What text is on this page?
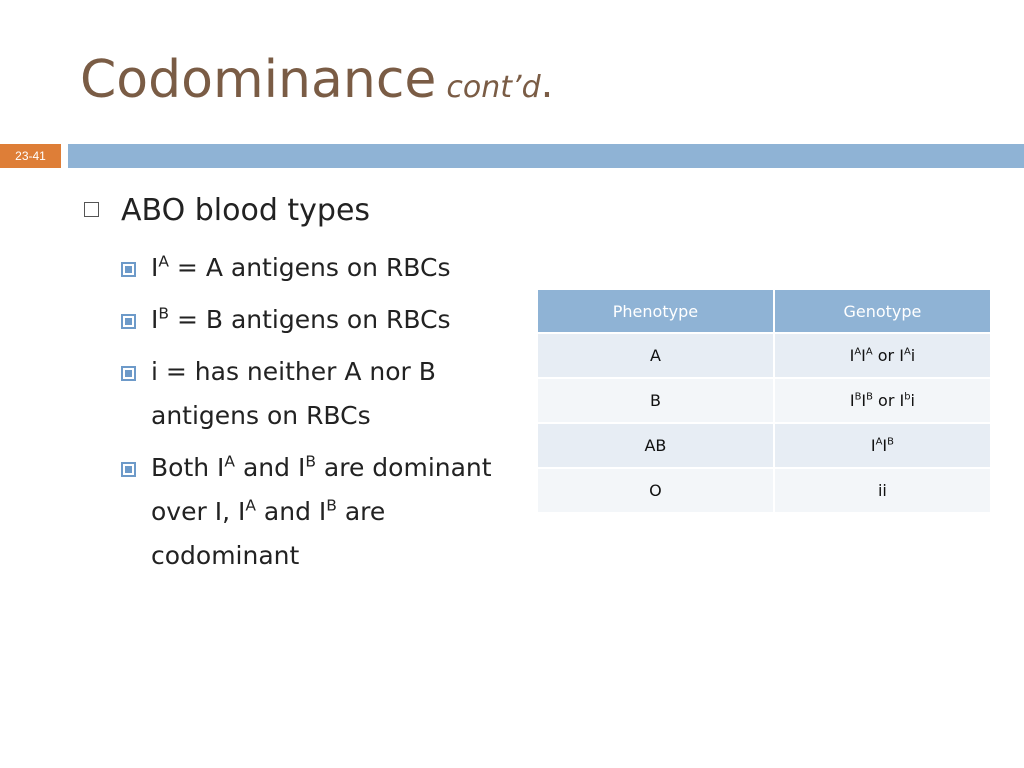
Codominance cont’d.
23-41
ABO blood types
$I^A = A$ antigens on RBCs
$I^B = B$ antigens on RBCs
i = has neither A nor B antigens on RBCs
Both $I^A$ and $I^B$ are dominant over I, $I^A$ and $I^B$ are codominant
Phenotype	Genotype
A	$I^AI^A$ or $I^Ai$
B	$I^BI^B$ or $I^bi$
AB	$I^AI^B$
O	ii
